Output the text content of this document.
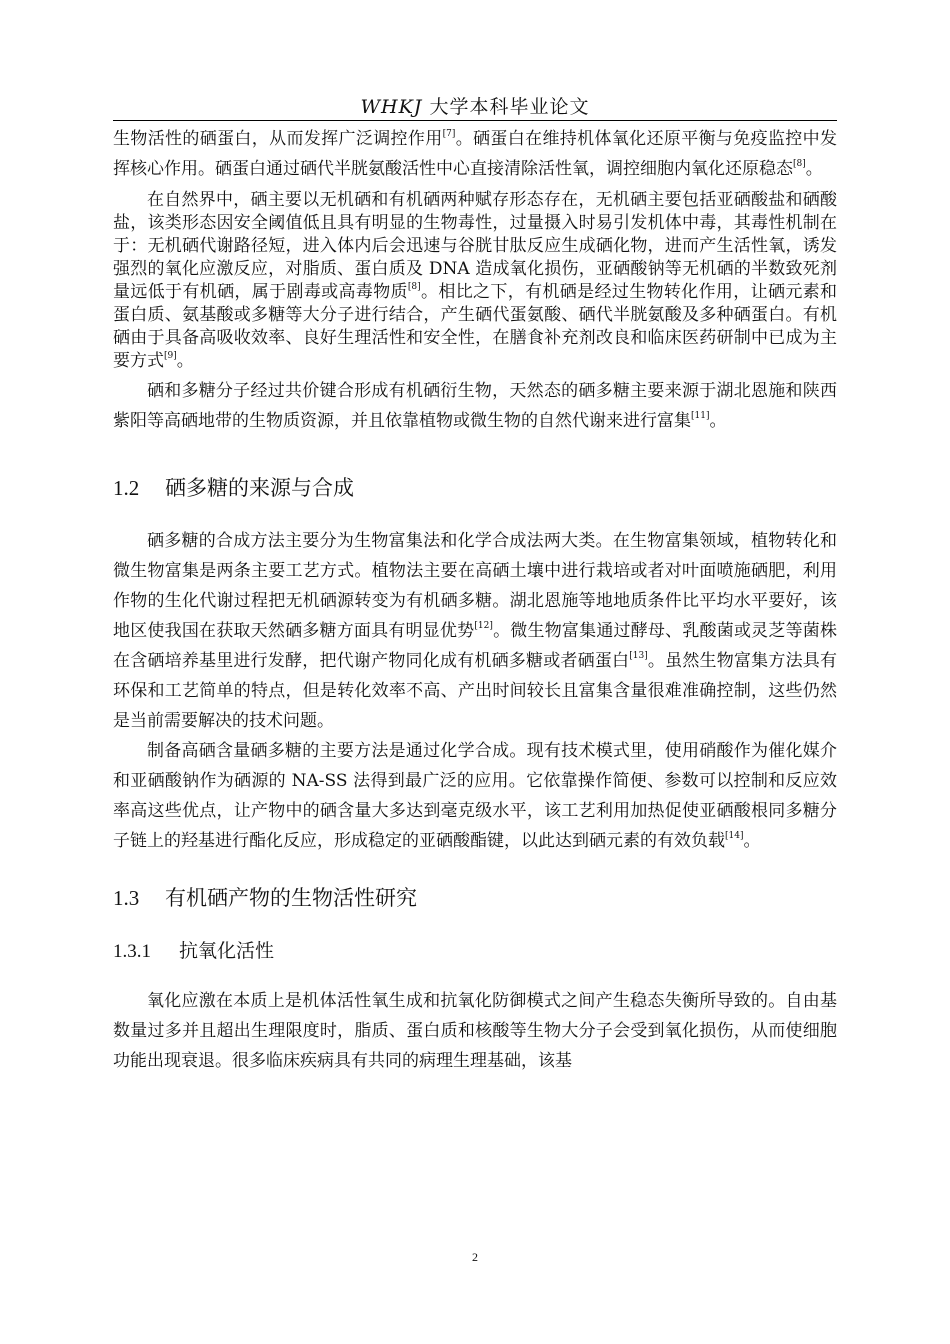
WHKJ 大学本科毕业论文

生物活性的硒蛋白，从而发挥广泛调控作用[7]。硒蛋白在维持机体氧化还原平衡与免疫监控中发挥核心作用。硒蛋白通过硒代半胱氨酸活性中心直接清除活性氧，调控细胞内氧化还原稳态[8]。

在自然界中，硒主要以无机硒和有机硒两种赋存形态存在，无机硒主要包括亚硒酸盐和硒酸盐，该类形态因安全阈值低且具有明显的生物毒性，过量摄入时易引发机体中毒，其毒性机制在于：无机硒代谢路径短，进入体内后会迅速与谷胱甘肽反应生成硒化物，进而产生活性氧，诱发强烈的氧化应激反应，对脂质、蛋白质及 DNA 造成氧化损伤，亚硒酸钠等无机硒的半数致死剂量远低于有机硒，属于剧毒或高毒物质[8]。相比之下，有机硒是经过生物转化作用，让硒元素和蛋白质、氨基酸或多糖等大分子进行结合，产生硒代蛋氨酸、硒代半胱氨酸及多种硒蛋白。有机硒由于具备高吸收效率、良好生理活性和安全性，在膳食补充剂改良和临床医药研制中已成为主要方式[9]。

硒和多糖分子经过共价键合形成有机硒衍生物，天然态的硒多糖主要来源于湖北恩施和陕西紫阳等高硒地带的生物质资源，并且依靠植物或微生物的自然代谢来进行富集[11]。

1.2 硒多糖的来源与合成

硒多糖的合成方法主要分为生物富集法和化学合成法两大类。在生物富集领域，植物转化和微生物富集是两条主要工艺方式。植物法主要在高硒土壤中进行栽培或者对叶面喷施硒肥，利用作物的生化代谢过程把无机硒源转变为有机硒多糖。湖北恩施等地地质条件比平均水平要好，该地区使我国在获取天然硒多糖方面具有明显优势[12]。微生物富集通过酵母、乳酸菌或灵芝等菌株在含硒培养基里进行发酵，把代谢产物同化成有机硒多糖或者硒蛋白[13]。虽然生物富集方法具有环保和工艺简单的特点，但是转化效率不高、产出时间较长且富集含量很难准确控制，这些仍然是当前需要解决的技术问题。

制备高硒含量硒多糖的主要方法是通过化学合成。现有技术模式里，使用硝酸作为催化媒介和亚硒酸钠作为硒源的 NA-SS 法得到最广泛的应用。它依靠操作简便、参数可以控制和反应效率高这些优点，让产物中的硒含量大多达到毫克级水平，该工艺利用加热促使亚硒酸根同多糖分子链上的羟基进行酯化反应，形成稳定的亚硒酸酯键，以此达到硒元素的有效负载[14]。

1.3 有机硒产物的生物活性研究
1.3.1 抗氧化活性

氧化应激在本质上是机体活性氧生成和抗氧化防御模式之间产生稳态失衡所导致的。自由基数量过多并且超出生理限度时，脂质、蛋白质和核酸等生物大分子会受到氧化损伤，从而使细胞功能出现衰退。很多临床疾病具有共同的病理生理基础，该基

2
